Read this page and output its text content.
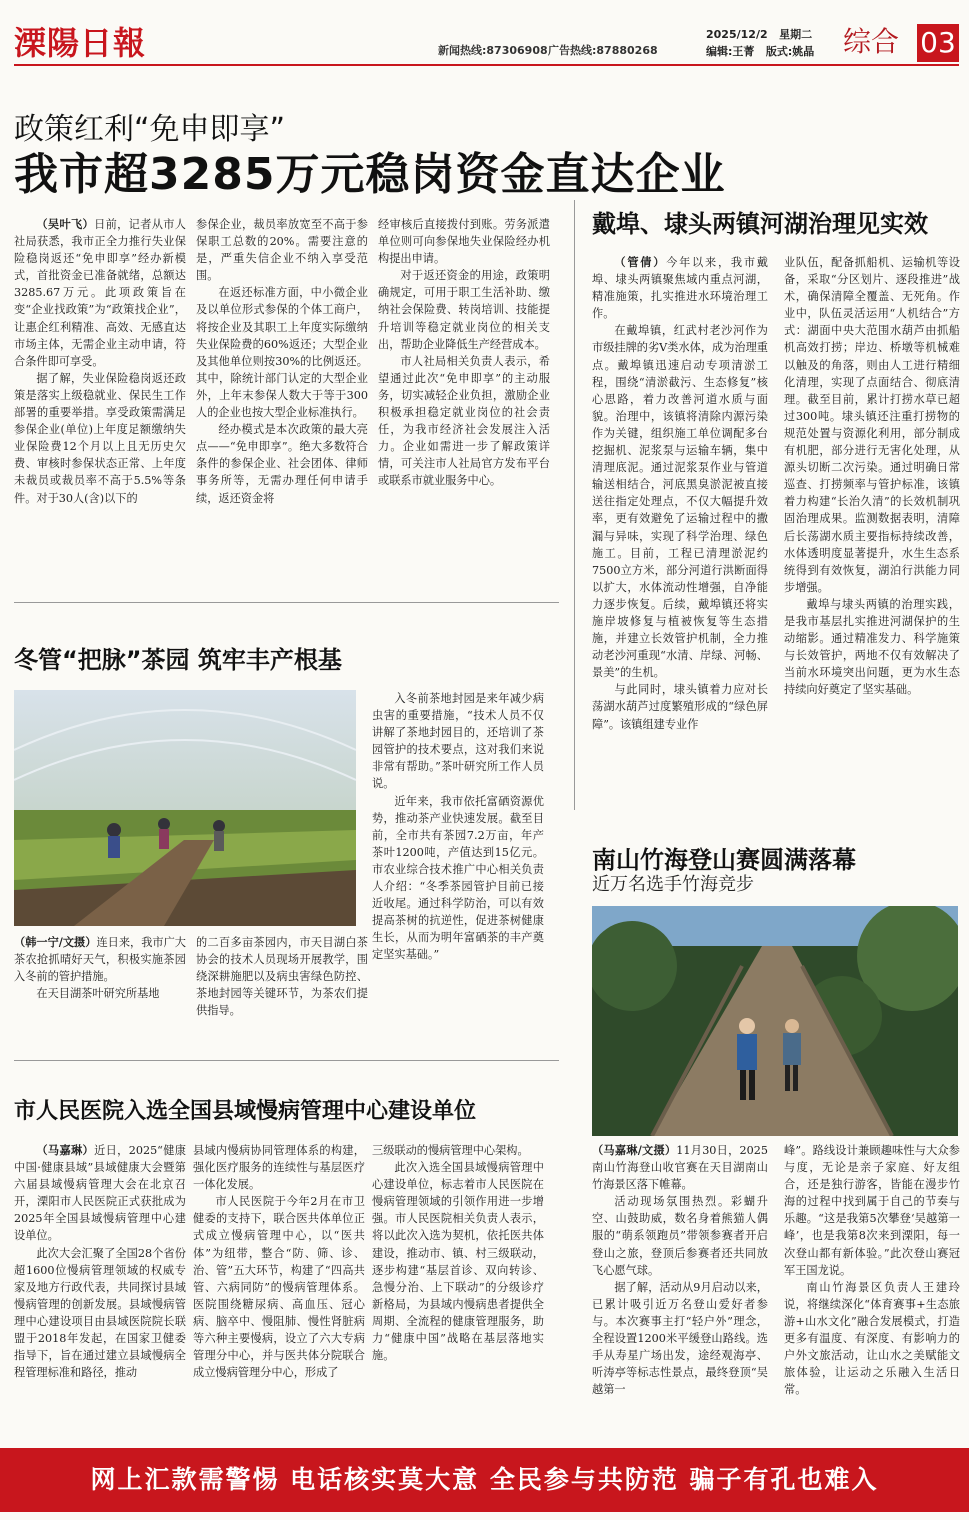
溧陽日報	新闻热线:87306908 广告热线:87880268
2025/12/2 星期二
编辑:王菁 版式:姚晶 综合 03
政策红利“免申即享”
我市超3285万元稳岗资金直达企业

（吴叶飞）日前，记者从市人社局获悉，我市正全力推行失业保险稳岗返还“免申即享”经办新模式，首批资金已准备就绪，总额达3285.67万元。此项政策旨在变“企业找政策”为“政策找企业”，让惠企红利精准、高效、无感直达市场主体，无需企业主动申请，符合条件即可享受。

据了解，失业保险稳岗返还政策是落实上级稳就业、保民生工作部署的重要举措。享受政策需满足参保企业(单位)上年度足额缴纳失业保险费12个月以上且无历史欠费、审核时参保状态正常、上年度未裁员或裁员率不高于5.5%等条件。对于30人(含)以下的

参保企业，裁员率放宽至不高于参保职工总数的20%。需要注意的是，严重失信企业不纳入享受范围。

在返还标准方面，中小微企业及以单位形式参保的个体工商户，将按企业及其职工上年度实际缴纳失业保险费的60%返还；大型企业及其他单位则按30%的比例返还。其中，除统计部门认定的大型企业外，上年末参保人数大于等于300人的企业也按大型企业标准执行。

经办模式是本次政策的最大亮点——“免申即享”。绝大多数符合条件的参保企业、社会团体、律师事务所等，无需办理任何申请手续，返还资金将

经审核后直接拨付到账。劳务派遣单位则可向参保地失业保险经办机构提出申请。

对于返还资金的用途，政策明确规定，可用于职工生活补助、缴纳社会保险费、转岗培训、技能提升培训等稳定就业岗位的相关支出，帮助企业降低生产经营成本。

市人社局相关负责人表示，希望通过此次“免申即享”的主动服务，切实减轻企业负担，激励企业积极承担稳定就业岗位的社会责任，为我市经济社会发展注入活力。企业如需进一步了解政策详情，可关注市人社局官方发布平台或联系市就业服务中心。

戴埠、埭头两镇河湖治理见实效

（管倩）今年以来，我市戴埠、埭头两镇聚焦域内重点河湖，精准施策，扎实推进水环境治理工作。

在戴埠镇，红武村老沙河作为市级挂牌的劣Ⅴ类水体，成为治理重点。戴埠镇迅速启动专项清淤工程，围绕“清淤截污、生态修复”核心思路，着力改善河道水质与面貌。治理中，该镇将清除内源污染作为关键，组织施工单位调配多台挖掘机、泥浆泵与运输车辆，集中清理底泥。通过泥浆泵作业与管道输送相结合，河底黑臭淤泥被直接送往指定处理点，不仅大幅提升效率，更有效避免了运输过程中的撒漏与异味，实现了科学治理、绿色施工。目前，工程已清理淤泥约7500立方米，部分河道行洪断面得以扩大，水体流动性增强，自净能力逐步恢复。后续，戴埠镇还将实施岸坡修复与植被恢复等生态措施，并建立长效管护机制，全力推动老沙河重现“水清、岸绿、河畅、景美”的生机。

与此同时，埭头镇着力应对长荡湖水葫芦过度繁殖形成的“绿色屏障”。该镇组建专业作

业队伍，配备抓船机、运输机等设备，采取“分区划片、逐段推进”战术，确保清障全覆盖、无死角。作业中，队伍灵活运用“人机结合”方式：湖面中央大范围水葫芦由抓船机高效打捞；岸边、桥墩等机械难以触及的角落，则由人工进行精细化清理，实现了点面结合、彻底清理。截至目前，累计打捞水草已超过300吨。埭头镇还注重打捞物的规范处置与资源化利用，部分制成有机肥，部分进行无害化处理，从源头切断二次污染。通过明确日常巡查、打捞频率与管护标准，该镇着力构建“长治久清”的长效机制巩固治理成果。监测数据表明，清障后长荡湖水质主要指标持续改善，水体透明度显著提升，水生生态系统得到有效恢复，湖泊行洪能力同步增强。

戴埠与埭头两镇的治理实践，是我市基层扎实推进河湖保护的生动缩影。通过精准发力、科学施策与长效管护，两地不仅有效解决了当前水环境突出问题，更为水生态持续向好奠定了坚实基础。

冬管“把脉”茶园 筑牢丰产根基

（韩一宁/文摄）连日来，我市广大茶农抢抓晴好天气，积极实施茶园入冬前的管护措施。

在天目湖茶叶研究所基地

的二百多亩茶园内，市天目湖白茶协会的技术人员现场开展教学，围绕深耕施肥以及病虫害绿色防控、茶地封园等关键环节，为茶农们提供指导。

入冬前茶地封园是来年减少病虫害的重要措施，“技术人员不仅讲解了茶地封园目的，还培训了茶园管护的技术要点，这对我们来说非常有帮助。”茶叶研究所工作人员说。

近年来，我市依托富硒资源优势，推动茶产业快速发展。截至目前，全市共有茶园7.2万亩，年产茶叶1200吨，产值达到15亿元。市农业综合技术推广中心相关负责人介绍：“冬季茶园管护目前已接近收尾。通过科学防治，可以有效提高茶树的抗逆性，促进茶树健康生长，从而为明年富硒茶的丰产奠定坚实基础。”

南山竹海登山赛圆满落幕
近万名选手竹海竞步

（马嘉琳/文摄）11月30日，2025南山竹海登山收官赛在天目湖南山竹海景区落下帷幕。

活动现场氛围热烈。彩蝴升空、山鼓助威，数名身着熊猫人偶服的“萌系领跑员”带领参赛者开启登山之旅，登顶后参赛者还共同放飞心愿气球。

据了解，活动从9月启动以来，已累计吸引近万名登山爱好者参与。本次赛事主打“轻户外”理念，全程设置1200米平缓登山路线。选手从寿星广场出发，途经观海亭、听涛亭等标志性景点，最终登顶“吴越第一

峰”。路线设计兼顾趣味性与大众参与度，无论是亲子家庭、好友组合，还是独行游客，皆能在漫步竹海的过程中找到属于自己的节奏与乐趣。“这是我第5次攀登‘吴越第一峰’，也是我第8次来到溧阳，每一次登山都有新体验。”此次登山赛冠军王国龙说。

南山竹海景区负责人王建玲说，将继续深化“体育赛事+生态旅游+山水文化”融合发展模式，打造更多有温度、有深度、有影响力的户外文旅活动，让山水之美赋能文旅体验，让运动之乐融入生活日常。

市人民医院入选全国县域慢病管理中心建设单位

（马嘉琳）近日，2025“健康中国·健康县域”县域健康大会暨第六届县域慢病管理大会在北京召开，溧阳市人民医院正式获批成为2025年全国县域慢病管理中心建设单位。

此次大会汇聚了全国28个省份超1600位慢病管理领域的权威专家及地方行政代表，共同探讨县域慢病管理的创新发展。县域慢病管理中心建设项目由县域医院院长联盟于2018年发起，在国家卫健委指导下，旨在通过建立县域慢病全程管理标准和路径，推动

县域内慢病协同管理体系的构建，强化医疗服务的连续性与基层医疗一体化发展。

市人民医院于今年2月在市卫健委的支持下，联合医共体单位正式成立慢病管理中心，以“医共体”为纽带，整合“防、筛、诊、治、管”五大环节，构建了“四高共管、六病同防”的慢病管理体系。医院围绕糖尿病、高血压、冠心病、脑卒中、慢阻肺、慢性肾脏病等六种主要慢病，设立了六大专病管理分中心，并与医共体分院联合成立慢病管理分中心，形成了

三级联动的慢病管理中心架构。

此次入选全国县域慢病管理中心建设单位，标志着市人民医院在慢病管理领域的引领作用进一步增强。市人民医院相关负责人表示，将以此次入选为契机，依托医共体建设，推动市、镇、村三级联动，逐步构建“基层首诊、双向转诊、急慢分治、上下联动”的分级诊疗新格局，为县域内慢病患者提供全周期、全流程的健康管理服务，助力“健康中国”战略在基层落地实施。

网上汇款需警惕 电话核实莫大意 全民参与共防范 骗子有孔也难入
